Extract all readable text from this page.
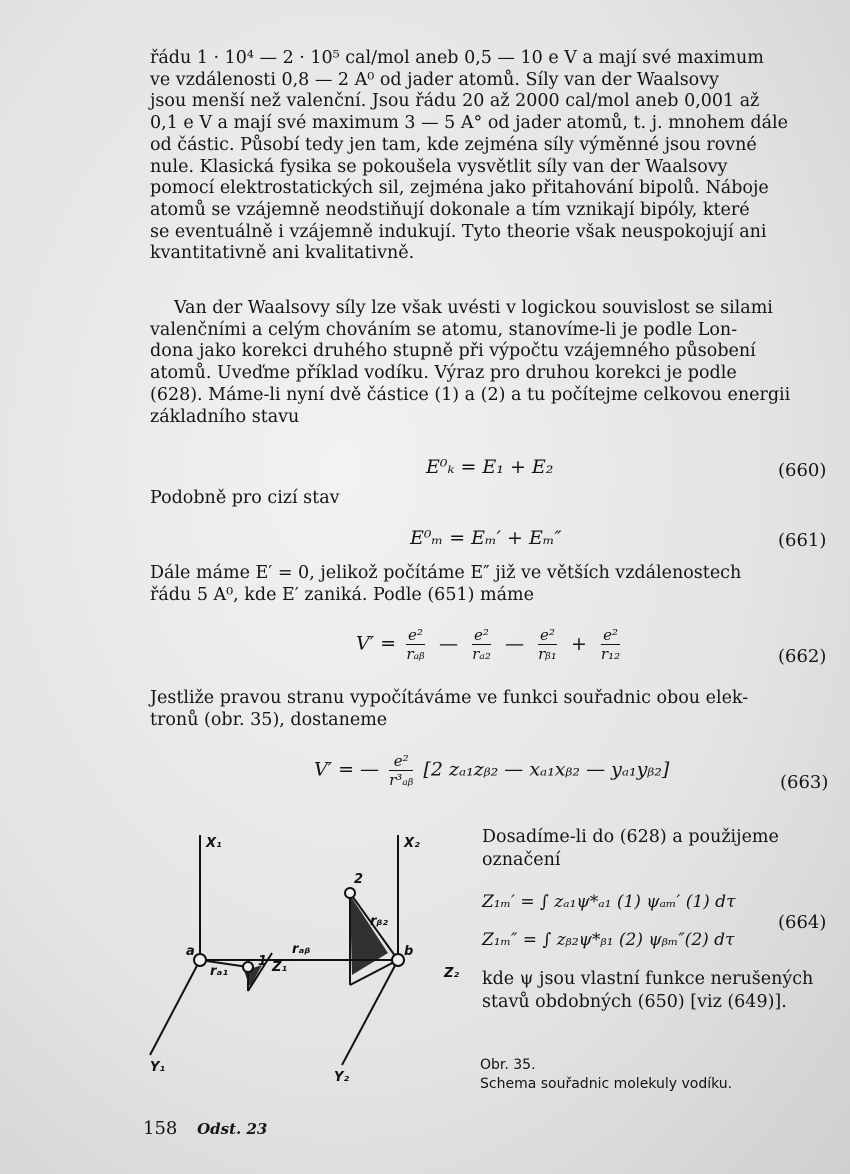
řádu 1 · 10⁴ — 2 · 10⁵ cal/mol aneb 0,5 — 10 e V a mají své maximum
ve vzdálenosti 0,8 — 2 A⁰ od jader atomů. Síly van der Waalsovy
jsou menší než valenční. Jsou řádu 20 až 2000 cal/mol aneb 0,001 až
0,1 e V a mají své maximum 3 — 5 A° od jader atomů, t. j. mnohem dále
od částic. Působí tedy jen tam, kde zejména síly výměnné jsou rovné
nule. Klasická fysika se pokoušela vysvětlit síly van der Waalsovy
pomocí elektrostatických sil, zejména jako přitahování bipolů. Náboje
atomů se vzájemně neodstiňují dokonale a tím vznikají bipóly, které
se eventuálně i vzájemně indukují. Tyto theorie však neuspokojují ani
kvantitativně ani kvalitativně.
Van der Waalsovy síly lze však uvésti v logickou souvislost se silami
valenčními a celým chováním se atomu, stanovíme-li je podle Lon-
dona jako korekci druhého stupně při výpočtu vzájemného působení
atomů. Uveďme příklad vodíku. Výraz pro druhou korekci je podle
(628). Máme-li nyní dvě částice (1) a (2) a tu počítejme celkovou energii
základního stavu
E⁰ₖ = E₁ + E₂	(660)
Podobně pro cizí stav
E⁰ₘ = Eₘ′ + Eₘ″	(661)
Dále máme E′ = 0, jelikož počítáme E″ již ve větších vzdálenostech
řádu 5 A⁰, kde E′ zaniká. Podle (651) máme
$V' = \frac{\text{e²}}{\text{rₐᵦ}}$ — $\frac{\text{e²}}{\text{rₐ₂}}$ — $\frac{\text{e²}}{\text{rᵦ₁}} + \frac{\text{e²}}{\text{r₁₂}}$	(662)
Jestliže pravou stranu vypočítáváme ve funkci souřadnic obou elek-
tronů (obr. 35), dostaneme
V′ = — $\frac{\text{e²}}{\text{r³ₐᵦ}} [2$ zₐ₁zᵦ₂ — xₐ₁xᵦ₂ — yₐ₁yᵦ₂]
(663)
X₁	X₂
a	b
rₐᵦ
rₐ₁
rᵦ₂
1
2
Z₁	Z₂
Y₁
Y₂
Dosadíme-li do (628) a použijeme
označení
Z₁ₘ′ = ∫ zₐ₁ψ*ₐ₁ (1) ψₐₘ′ (1) dτ
Z₁ₘ″ = ∫ zᵦ₂ψ*ᵦ₁ (2) ψᵦₘ″(2) dτ
(664)
kde ψ jsou vlastní funkce nerušených
stavů obdobných (650) [viz (649)].
Obr. 35.
Schema souřadnic molekuly vodíku.
158 Odst. 23
